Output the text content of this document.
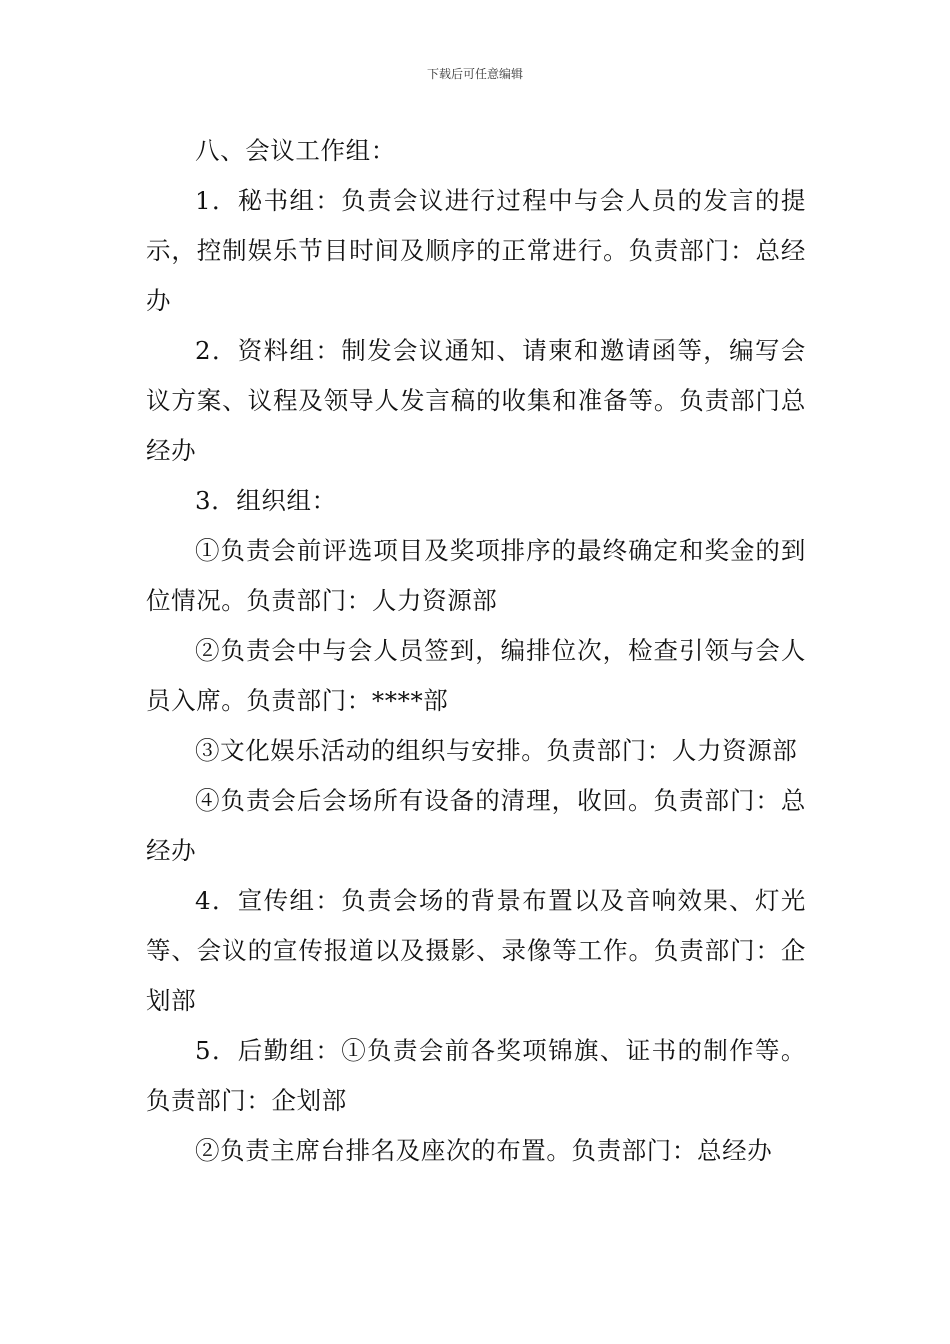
下载后可任意编辑

八、会议工作组：

1．秘书组：负责会议进行过程中与会人员的发言的提示，控制娱乐节目时间及顺序的正常进行。负责部门：总经办

2．资料组：制发会议通知、请柬和邀请函等，编写会议方案、议程及领导人发言稿的收集和准备等。负责部门总经办

3．组织组：

①负责会前评选项目及奖项排序的最终确定和奖金的到位情况。负责部门：人力资源部

②负责会中与会人员签到，编排位次，检查引领与会人员入席。负责部门：****部

③文化娱乐活动的组织与安排。负责部门：人力资源部

④负责会后会场所有设备的清理，收回。负责部门：总经办

4．宣传组：负责会场的背景布置以及音响效果、灯光等、会议的宣传报道以及摄影、录像等工作。负责部门：企划部

5．后勤组：①负责会前各奖项锦旗、证书的制作等。负责部门：企划部

②负责主席台排名及座次的布置。负责部门：总经办
